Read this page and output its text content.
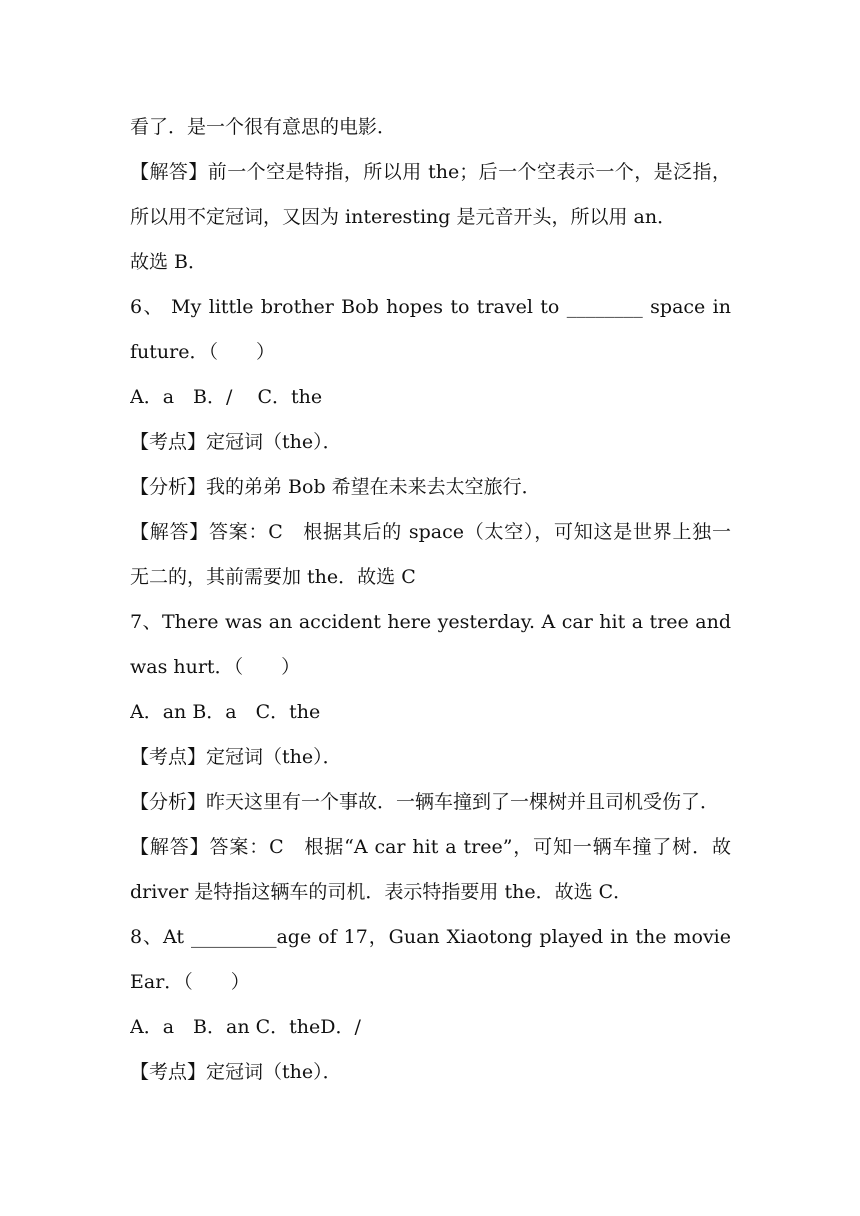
看了．是一个很有意思的电影．
【解答】前一个空是特指，所以用 the；后一个空表示一个，是泛指，
所以用不定冠词，又因为 interesting 是元音开头，所以用 an．
故选 B．
6、 My little brother Bob hopes to travel to ________ space in
future．（　　）
A．a　B．/　 C．the
【考点】定冠词（the）．
【分析】我的弟弟 Bob 希望在未来去太空旅行．
【解答】答案：C　根据其后的 space（太空），可知这是世界上独一
无二的，其前需要加 the．故选 C
7、There was an accident here yesterday. A car hit a tree and
was hurt．（　　）
A．an B．a　C．the
【考点】定冠词（the）．
【分析】昨天这里有一个事故．一辆车撞到了一棵树并且司机受伤了．
【解答】答案：C　根据“A car hit a tree”，可知一辆车撞了树．故
driver 是特指这辆车的司机．表示特指要用 the．故选 C．
8、At _________age of 17，Guan Xiaotong played in the movie
Ear．（　　）
A．a　B．an C．theD．/
【考点】定冠词（the）．
